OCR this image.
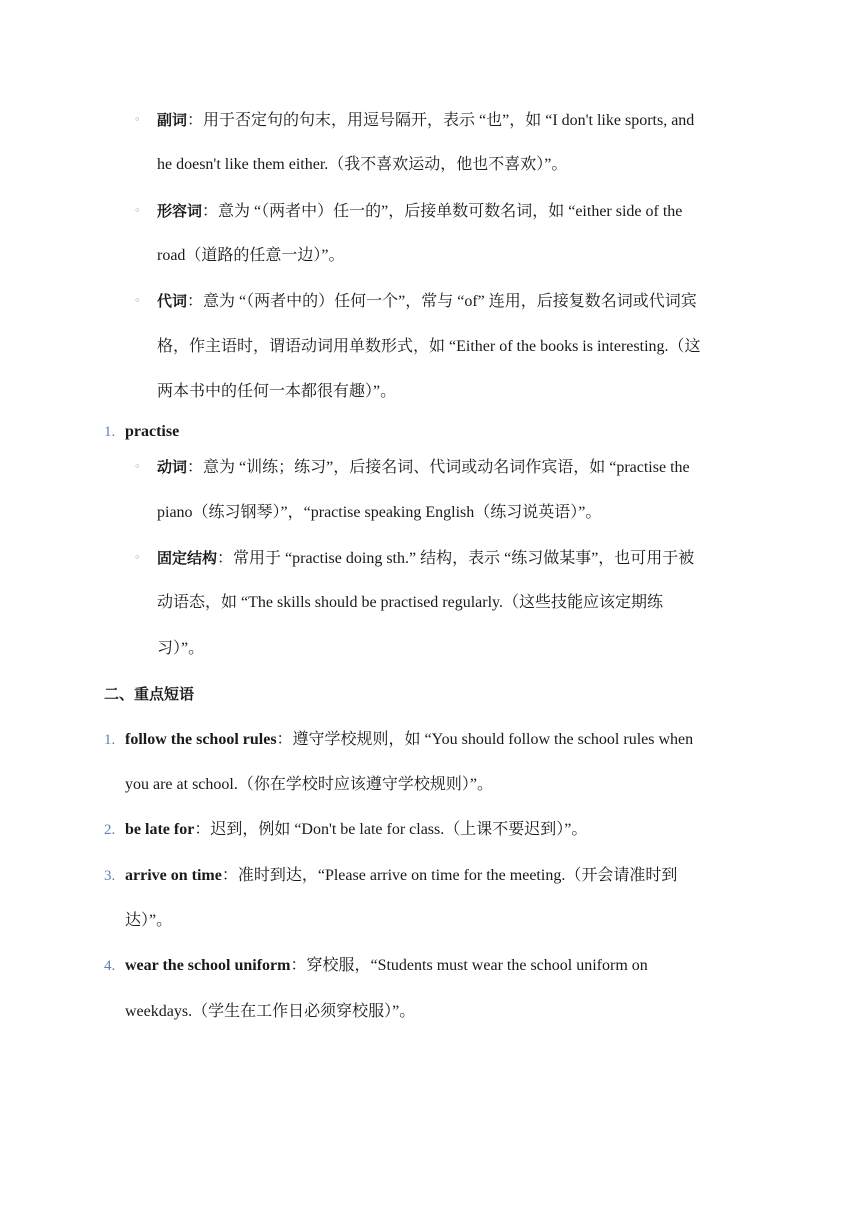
◦ 副词：用于否定句的句末，用逗号隔开，表示 “也”，如 “I don't like sports, and
he doesn't like them either.（我不喜欢运动，他也不喜欢）”。
◦ 形容词：意为 “（两者中）任一的”，后接单数可数名词，如 “either side of the
road（道路的任意一边）”。
◦ 代词：意为 “（两者中的）任何一个”，常与 “of” 连用，后接复数名词或代词宾
格，作主语时，谓语动词用单数形式，如 “Either of the books is interesting.（这
两本书中的任何一本都很有趣）”。
1. practise
◦ 动词：意为 “训练；练习”，后接名词、代词或动名词作宾语，如 “practise the
piano（练习钢琴）”，“practise speaking English（练习说英语）”。
◦ 固定结构：常用于 “practise doing sth.” 结构，表示 “练习做某事”，也可用于被
动语态，如 “The skills should be practised regularly.（这些技能应该定期练
习）”。
二、重点短语
1. follow the school rules：遵守学校规则，如 “You should follow the school rules when
you are at school.（你在学校时应该遵守学校规则）”。
2. be late for：迟到，例如 “Don't be late for class.（上课不要迟到）”。
3. arrive on time：准时到达，“Please arrive on time for the meeting.（开会请准时到
达）”。
4. wear the school uniform：穿校服，“Students must wear the school uniform on
weekdays.（学生在工作日必须穿校服）”。
